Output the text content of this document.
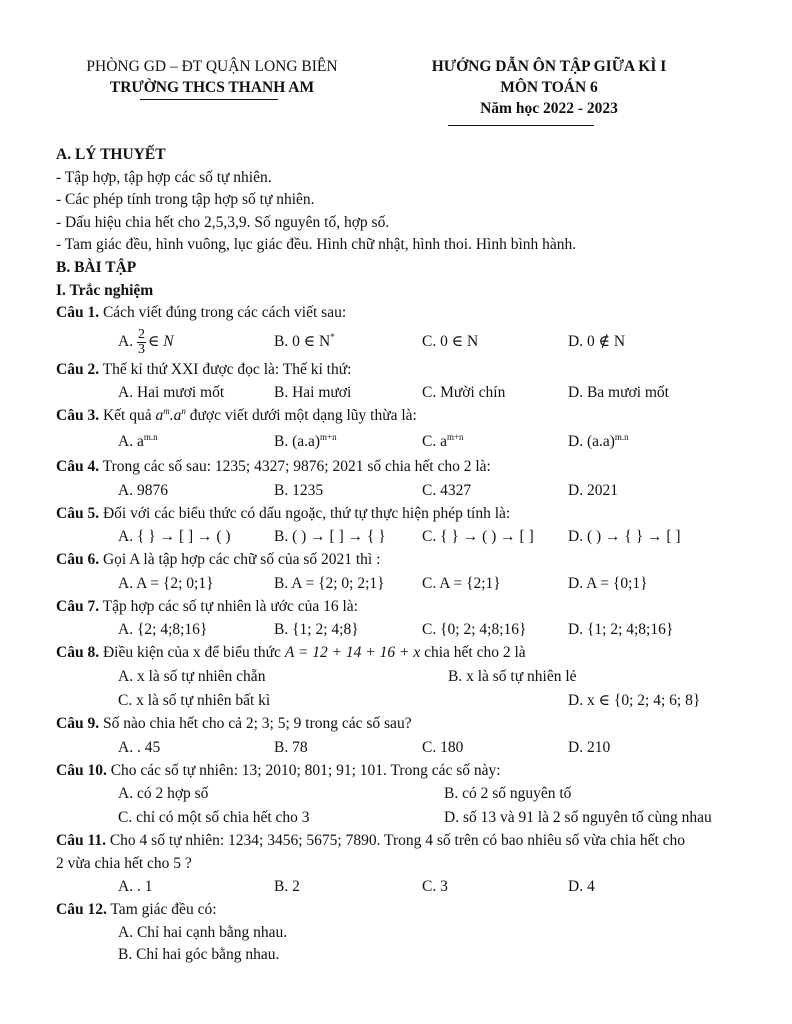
PHÒNG GD – ĐT QUẬN LONG BIÊN
TRƯỜNG THCS THANH AM
HƯỚNG DẪN ÔN TẬP GIỮA KÌ I
MÔN TOÁN 6
Năm học 2022 - 2023
A. LÝ THUYẾT
- Tập hợp, tập hợp các số tự nhiên.
- Các phép tính trong tập hợp số tự nhiên.
- Dấu hiệu chia hết cho 2,5,3,9. Số nguyên tố, hợp số.
- Tam giác đều, hình vuông, lục giác đều. Hình chữ nhật, hình thoi. Hình bình hành.
B. BÀI TẬP
I. Trắc nghiệm
Câu 1. Cách viết đúng trong các cách viết sau:
A. $\frac{2}{3}$ ∈ N	B. 0 ∈ N*	C. 0 ∈ N	D. 0 ∉ N
Câu 2. Thế kỉ thứ XXI được đọc là: Thế kỉ thứ:
A. Hai mươi mốt	B. Hai mươi	C. Mười chín	D. Ba mươi mốt
Câu 3. Kết quả $a^m.a^n$ được viết dưới một dạng lũy thừa là:
A. $a^{m.n}$	B. $(a.a)^{m+n}$	C. $a^{m+n}$	D. $(a.a)^{m.n}$
Câu 4. Trong các số sau: 1235; 4327; 9876; 2021 số chia hết cho 2 là:
A. 9876	B. 1235	C. 4327	D. 2021
Câu 5. Đối với các biểu thức có dấu ngoặc, thứ tự thực hiện phép tính là:
A. { } → [ ] → ( )	B. ( ) → [ ] → { } C. { } → ( ) → [ ] D. ( ) → { } → [ ]
Câu 6. Gọi A là tập hợp các chữ số của số 2021 thì :
A. A = {2; 0;1}	B. A = {2; 0; 2;1} C. A = {2;1}	D. A = {0;1}
Câu 7. Tập hợp các số tự nhiên là ước của 16 là:
A. {2; 4;8;16}	B. {1; 2; 4;8}	C. {0; 2; 4;8;16}	D. {1; 2; 4;8;16}
Câu 8. Điều kiện của x để biểu thức A = 12 + 14 + 16 + x chia hết cho 2 là
A. x là số tự nhiên chẵn	B. x là số tự nhiên lẻ
C. x là số tự nhiên bất kì	D. x ∈ {0; 2; 4; 6; 8}
Câu 9. Số nào chia hết cho cả 2; 3; 5; 9 trong các số sau?
A. . 45	B. 78	C. 180	D. 210
Câu 10. Cho các số tự nhiên: 13; 2010; 801; 91; 101. Trong các số này:
A. có 2 hợp số	B. có 2 số nguyên tố
C. chỉ có một số chia hết cho 3	D. số 13 và 91 là 2 số nguyên tố cùng nhau
Câu 11. Cho 4 số tự nhiên: 1234; 3456; 5675; 7890. Trong 4 số trên có bao nhiêu số vừa chia hết cho
2 vừa chia hết cho 5 ?
A. . 1	B. 2	C. 3	D. 4
Câu 12. Tam giác đều có:
A. Chỉ hai cạnh bằng nhau.
B. Chỉ hai góc bằng nhau.
